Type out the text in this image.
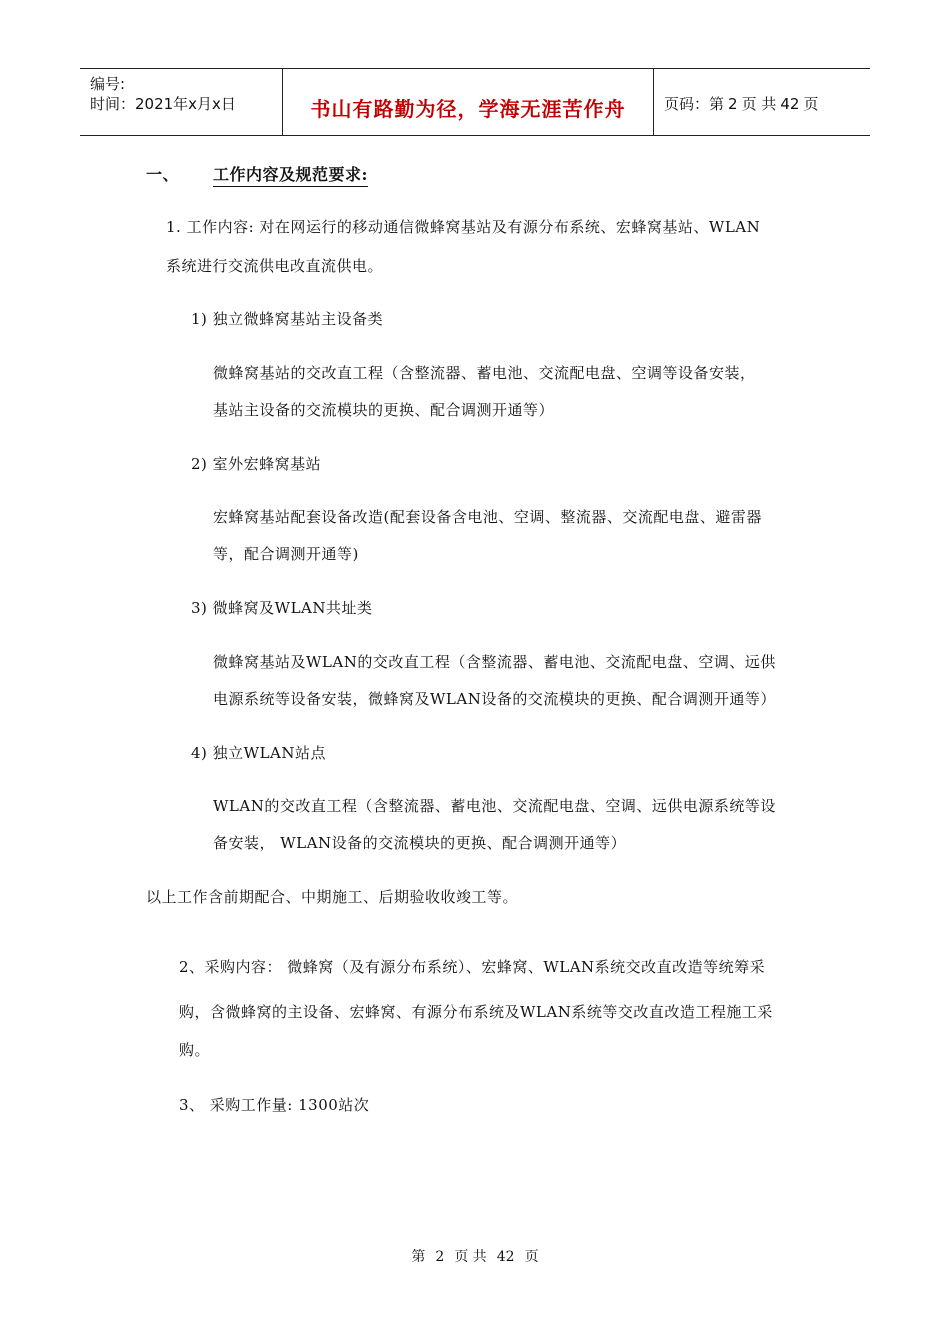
编号:
时间：2021年x月x日	书山有路勤为径，学海无涯苦作舟	页码：第 2 页 共 42 页
一、 工作内容及规范要求:
1. 工作内容: 对在网运行的移动通信微蜂窝基站及有源分布系统、宏蜂窝基站、WLAN
系统进行交流供电改直流供电。
1) 独立微蜂窝基站主设备类
微蜂窝基站的交改直工程（含整流器、蓄电池、交流配电盘、空调等设备安装，
基站主设备的交流模块的更换、配合调测开通等）
2) 室外宏蜂窝基站
宏蜂窝基站配套设备改造(配套设备含电池、空调、整流器、交流配电盘、避雷器
等，配合调测开通等)
3) 微蜂窝及WLAN共址类
微蜂窝基站及WLAN的交改直工程（含整流器、蓄电池、交流配电盘、空调、远供
电源系统等设备安装，微蜂窝及WLAN设备的交流模块的更换、配合调测开通等）
4) 独立WLAN站点
WLAN的交改直工程（含整流器、蓄电池、交流配电盘、空调、远供电源系统等设
备安装， WLAN设备的交流模块的更换、配合调测开通等）
以上工作含前期配合、中期施工、后期验收收竣工等。
2、采购内容： 微蜂窝（及有源分布系统）、宏蜂窝、WLAN系统交改直改造等统筹采
购，含微蜂窝的主设备、宏蜂窝、有源分布系统及WLAN系统等交改直改造工程施工采
购。
3、 采购工作量: 1300站次
第 2 页 共 42 页
